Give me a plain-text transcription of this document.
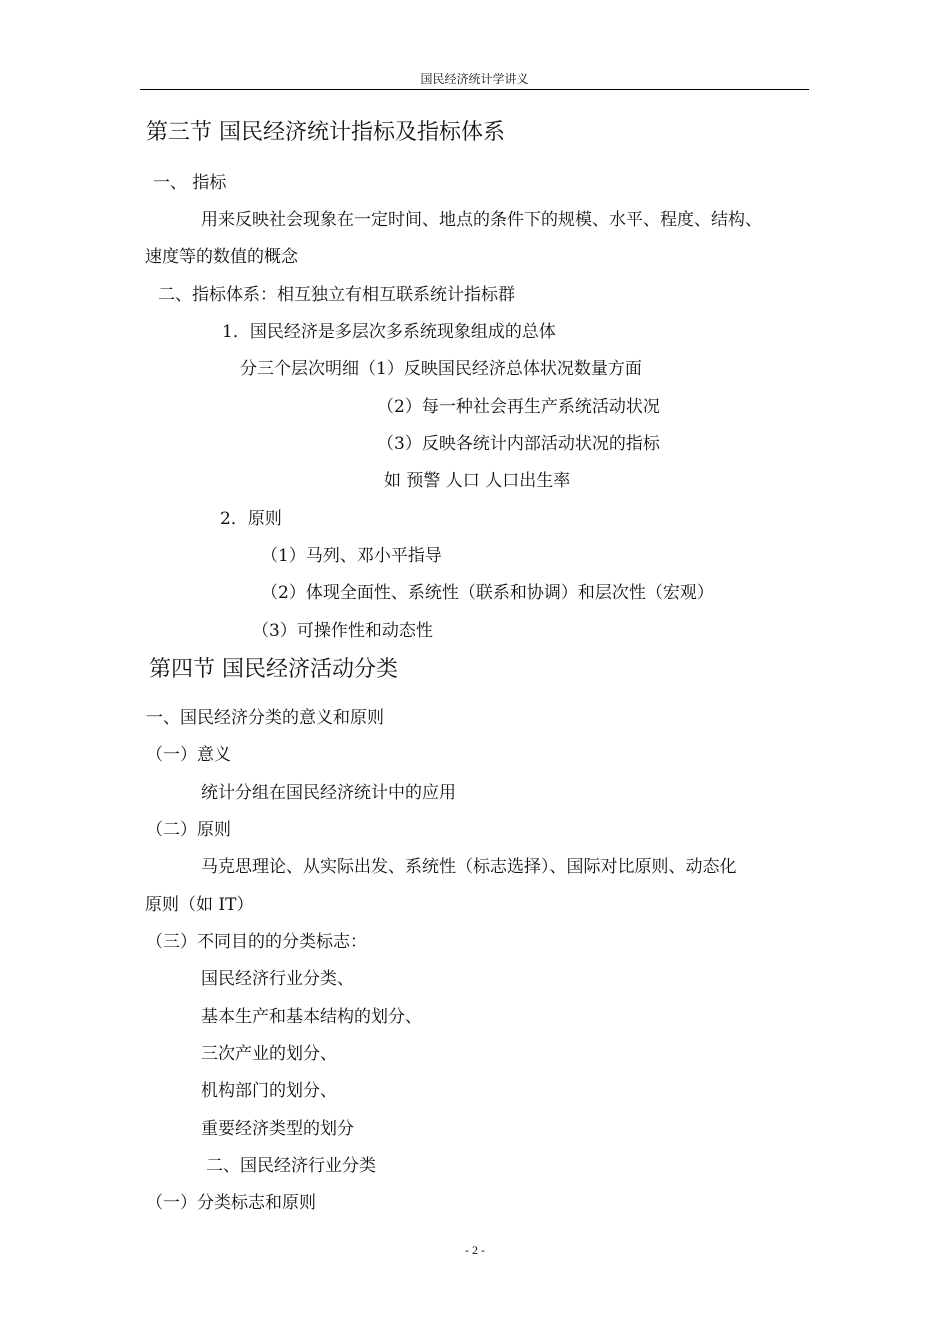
国民经济统计学讲义
第三节 国民经济统计指标及指标体系
一、 指标
用来反映社会现象在一定时间、地点的条件下的规模、水平、程度、结构、
速度等的数值的概念
二、指标体系：相互独立有相互联系统计指标群
1．国民经济是多层次多系统现象组成的总体
分三个层次明细（1）反映国民经济总体状况数量方面
（2）每一种社会再生产系统活动状况
（3）反映各统计内部活动状况的指标
如 预警 人口 人口出生率
2．原则
（1）马列、邓小平指导
（2）体现全面性、系统性（联系和协调）和层次性（宏观）
（3）可操作性和动态性
第四节 国民经济活动分类
一、国民经济分类的意义和原则
（一）意义
统计分组在国民经济统计中的应用
（二）原则
马克思理论、从实际出发、系统性（标志选择）、国际对比原则、动态化
原则（如 IT）
（三）不同目的的分类标志：
国民经济行业分类、
基本生产和基本结构的划分、
三次产业的划分、
机构部门的划分、
重要经济类型的划分
二、国民经济行业分类
（一）分类标志和原则
- 2 -
